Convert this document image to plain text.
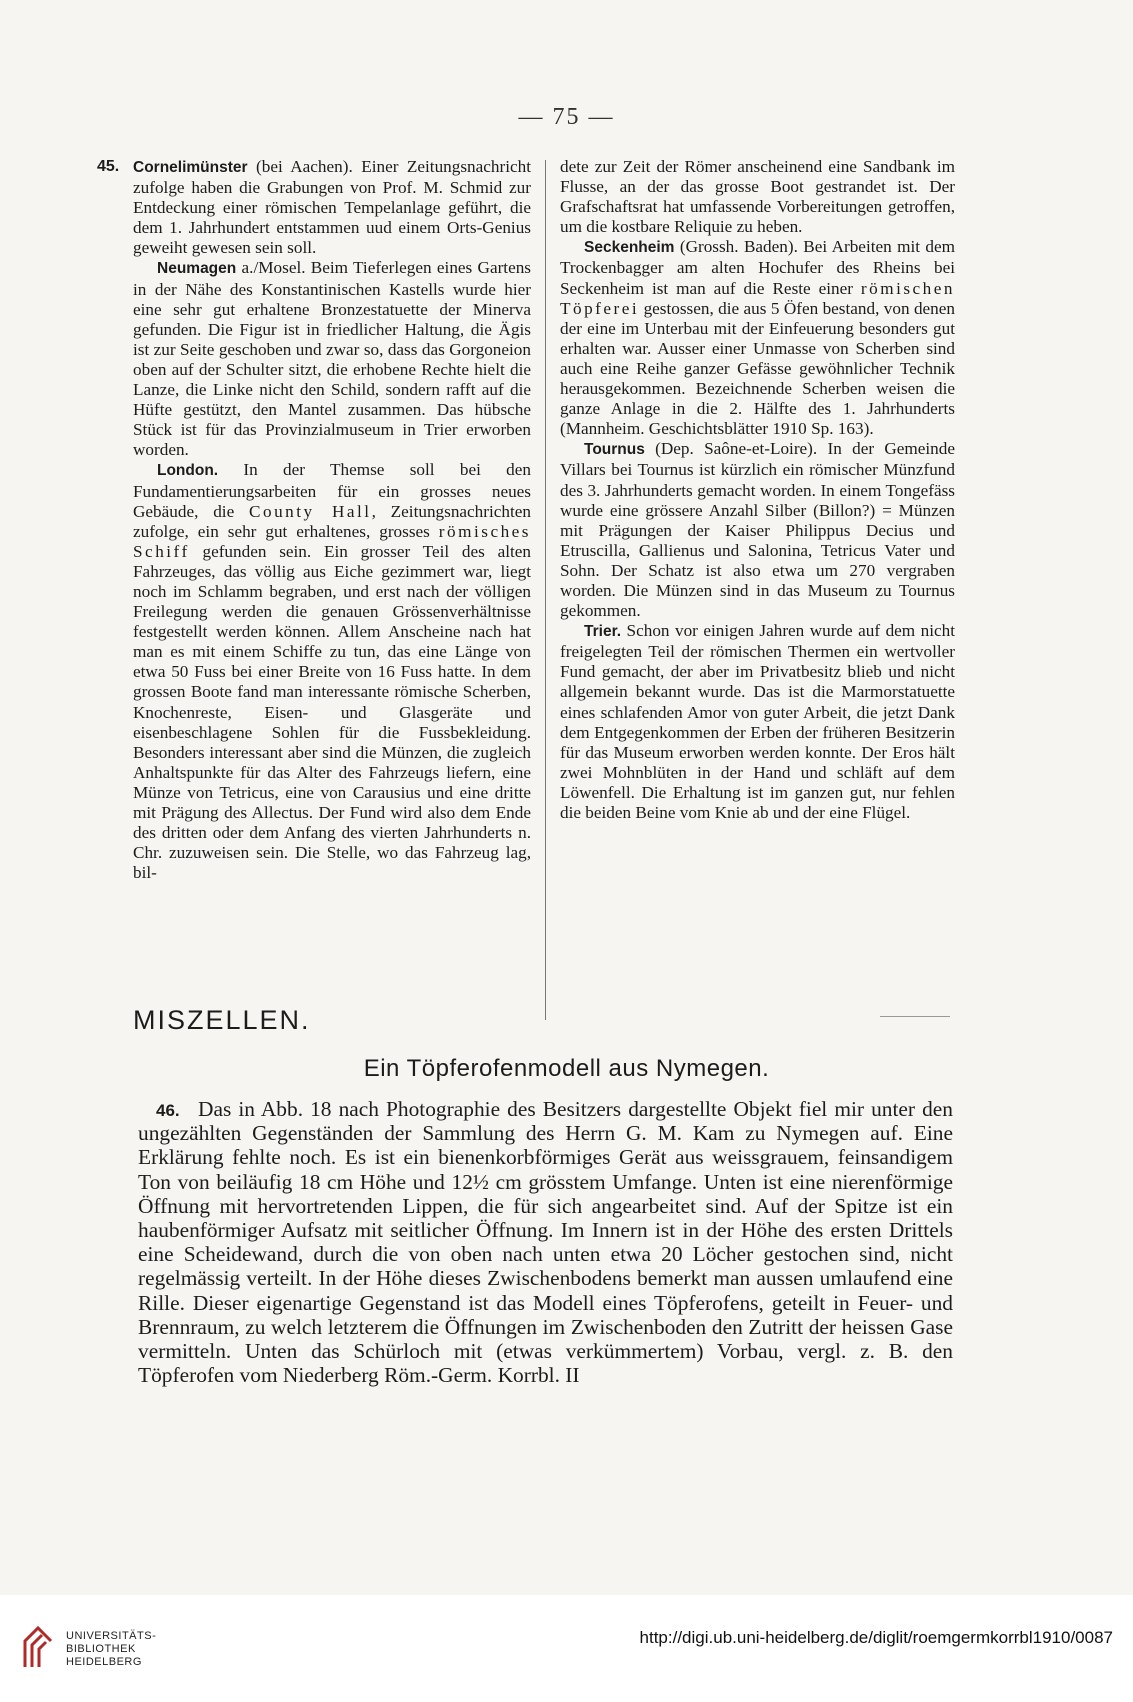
— 75 —

45. Cornelimünster (bei Aachen). Einer Zeitungsnachricht zufolge haben die Grabungen von Prof. M. Schmid zur Entdeckung einer römischen Tempelanlage geführt, die dem 1. Jahrhundert entstammen uud einem Orts-Genius geweiht gewesen sein soll.

Neumagen a./Mosel. Beim Tieferlegen eines Gartens in der Nähe des Konstantinischen Kastells wurde hier eine sehr gut erhaltene Bronzestatuette der Minerva gefunden. Die Figur ist in friedlicher Haltung, die Ägis ist zur Seite geschoben und zwar so, dass das Gorgoneion oben auf der Schulter sitzt, die erhobene Rechte hielt die Lanze, die Linke nicht den Schild, sondern rafft auf die Hüfte gestützt, den Mantel zusammen. Das hübsche Stück ist für das Provinzialmuseum in Trier erworben worden.

London. In der Themse soll bei den Fundamentierungsarbeiten für ein grosses neues Gebäude, die County Hall, Zeitungsnachrichten zufolge, ein sehr gut erhaltenes, grosses römisches Schiff gefunden sein. Ein grosser Teil des alten Fahrzeuges, das völlig aus Eiche gezimmert war, liegt noch im Schlamm begraben, und erst nach der völligen Freilegung werden die genauen Grössenverhältnisse festgestellt werden können. Allem Anscheine nach hat man es mit einem Schiffe zu tun, das eine Länge von etwa 50 Fuss bei einer Breite von 16 Fuss hatte. In dem grossen Boote fand man interessante römische Scherben, Knochenreste, Eisen- und Glasgeräte und eisenbeschlagene Sohlen für die Fussbekleidung. Besonders interessant aber sind die Münzen, die zugleich Anhaltspunkte für das Alter des Fahrzeugs liefern, eine Münze von Tetricus, eine von Carausius und eine dritte mit Prägung des Allectus. Der Fund wird also dem Ende des dritten oder dem Anfang des vierten Jahrhunderts n. Chr. zuzuweisen sein. Die Stelle, wo das Fahrzeug lag, bil-

dete zur Zeit der Römer anscheinend eine Sandbank im Flusse, an der das grosse Boot gestrandet ist. Der Grafschaftsrat hat umfassende Vorbereitungen getroffen, um die kostbare Reliquie zu heben.

Seckenheim (Grossh. Baden). Bei Arbeiten mit dem Trockenbagger am alten Hochufer des Rheins bei Seckenheim ist man auf die Reste einer römischen Töpferei gestossen, die aus 5 Öfen bestand, von denen der eine im Unterbau mit der Einfeuerung besonders gut erhalten war. Ausser einer Unmasse von Scherben sind auch eine Reihe ganzer Gefässe gewöhnlicher Technik herausgekommen. Bezeichnende Scherben weisen die ganze Anlage in die 2. Hälfte des 1. Jahrhunderts (Mannheim. Geschichtsblätter 1910 Sp. 163).

Tournus (Dep. Saône-et-Loire). In der Gemeinde Villars bei Tournus ist kürzlich ein römischer Münzfund des 3. Jahrhunderts gemacht worden. In einem Tongefäss wurde eine grössere Anzahl Silber (Billon?) = Münzen mit Prägungen der Kaiser Philippus Decius und Etruscilla, Gallienus und Salonina, Tetricus Vater und Sohn. Der Schatz ist also etwa um 270 vergraben worden. Die Münzen sind in das Museum zu Tournus gekommen.

Trier. Schon vor einigen Jahren wurde auf dem nicht freigelegten Teil der römischen Thermen ein wertvoller Fund gemacht, der aber im Privatbesitz blieb und nicht allgemein bekannt wurde. Das ist die Marmorstatuette eines schlafenden Amor von guter Arbeit, die jetzt Dank dem Entgegenkommen der Erben der früheren Besitzerin für das Museum erworben werden konnte. Der Eros hält zwei Mohnblüten in der Hand und schläft auf dem Löwenfell. Die Erhaltung ist im ganzen gut, nur fehlen die beiden Beine vom Knie ab und der eine Flügel.

MISZELLEN.
Ein Töpferofenmodell aus Nymegen.

46. Das in Abb. 18 nach Photographie des Besitzers dargestellte Objekt fiel mir unter den ungezählten Gegenständen der Sammlung des Herrn G. M. Kam zu Nymegen auf. Eine Erklärung fehlte noch. Es ist ein bienenkorbförmiges Gerät aus weissgrauem, feinsandigem Ton von beiläufig 18 cm Höhe und 12½ cm grösstem Umfange. Unten ist eine nierenförmige Öffnung mit hervortretenden Lippen, die für sich angearbeitet sind. Auf der Spitze ist ein haubenförmiger Aufsatz mit seitlicher Öffnung. Im Innern ist in der Höhe des ersten Drittels eine Scheidewand, durch die von oben nach unten etwa 20 Löcher gestochen sind, nicht regelmässig verteilt. In der Höhe dieses Zwischenbodens bemerkt man aussen umlaufend eine Rille. Dieser eigenartige Gegenstand ist das Modell eines Töpferofens, geteilt in Feuer- und Brennraum, zu welch letzterem die Öffnungen im Zwischenboden den Zutritt der heissen Gase vermitteln. Unten das Schürloch mit (etwas verkümmertem) Vorbau, vergl. z. B. den Töpferofen vom Niederberg Röm.-Germ. Korrbl. II

UNIVERSITÄTS-
BIBLIOTHEK
HEIDELBERG
http://digi.ub.uni-heidelberg.de/diglit/roemgermkorrbl1910/0087
